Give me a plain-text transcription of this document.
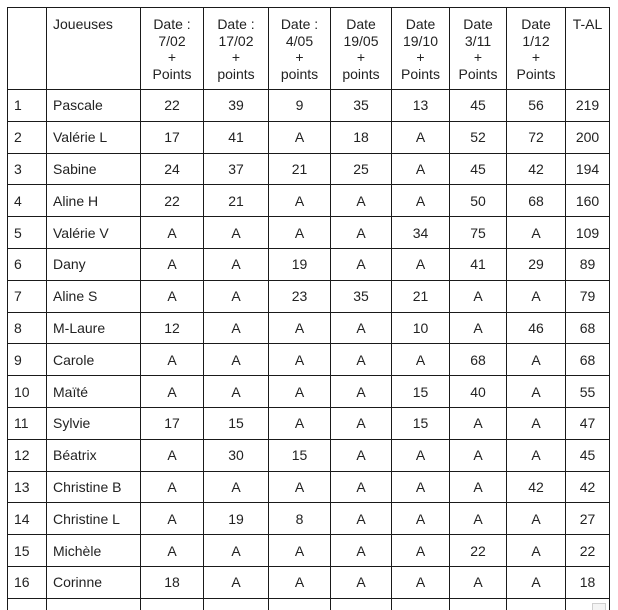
	Joueuses	Date :
7/02
+
Points	Date :
17/02
+
points	Date :
4/05
+
points	Date
19/05
+
points	Date
19/10
+
Points	Date
3/11
+
Points	Date
1/12
+
Points	T-AL
1	Pascale	22	39	9	35	13	45	56	219
2	Valérie L	17	41	A	18	A	52	72	200
3	Sabine	24	37	21	25	A	45	42	194
4	Aline H	22	21	A	A	A	50	68	160
5	Valérie V	A	A	A	A	34	75	A	109
6	Dany	A	A	19	A	A	41	29	89
7	Aline S	A	A	23	35	21	A	A	79
8	M-Laure	12	A	A	A	10	A	46	68
9	Carole	A	A	A	A	A	68	A	68
10	Maïté	A	A	A	A	15	40	A	55
11	Sylvie	17	15	A	A	15	A	A	47
12	Béatrix	A	30	15	A	A	A	A	45
13	Christine B	A	A	A	A	A	A	42	42
14	Christine L	A	19	8	A	A	A	A	27
15	Michèle	A	A	A	A	A	22	A	22
16	Corinne	18	A	A	A	A	A	A	18
